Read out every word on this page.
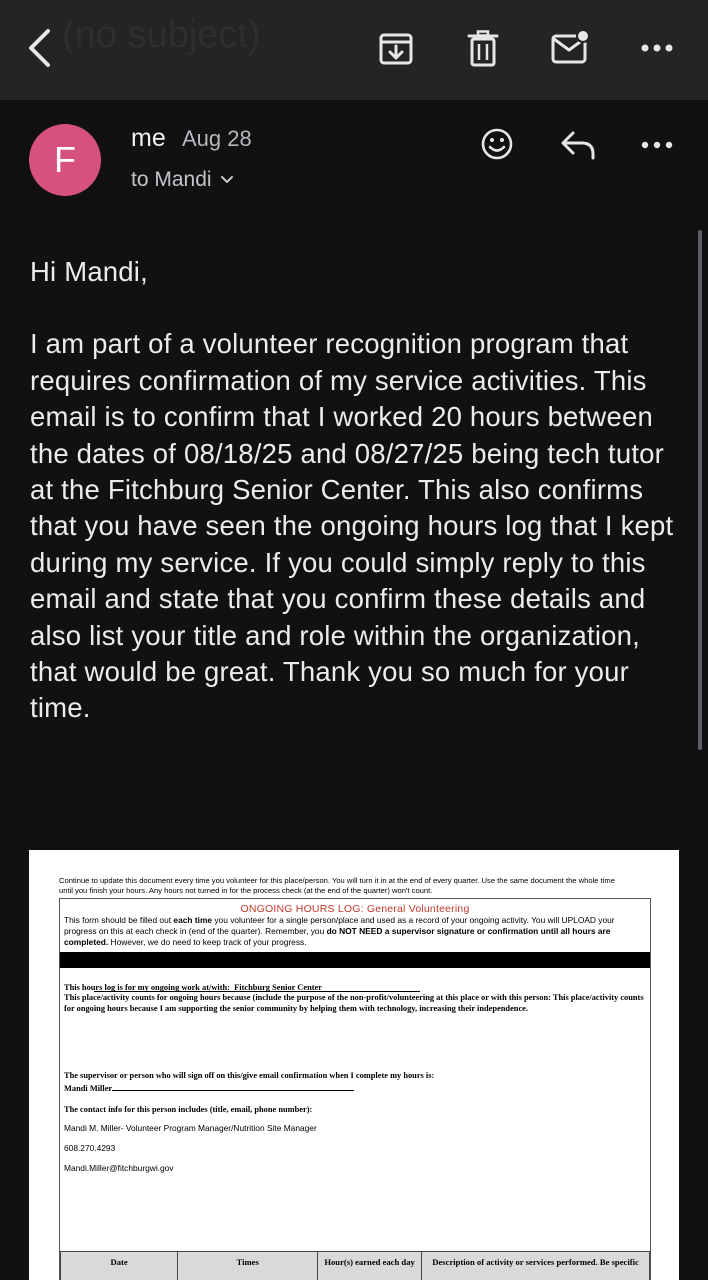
(no subject)
F
me Aug 28
to Mandi

Hi Mandi,

I am part of a volunteer recognition program that requires confirmation of my service activities. This email is to confirm that I worked 20 hours between the dates of 08/18/25 and 08/27/25 being tech tutor at the Fitchburg Senior Center. This also confirms that you have seen the ongoing hours log that I kept during my service. If you could simply reply to this email and state that you confirm these details and also list your title and role within the organization, that would be great. Thank you so much for your time.

Continue to update this document every time you volunteer for this place/person. You will turn it in at the end of every quarter. Use the same document the whole time until you finish your hours. Any hours not turned in for the process check (at the end of the quarter) won't count.
ONGOING HOURS LOG: General Volunteering
This form should be filled out each time you volunteer for a single person/place and used as a record of your ongoing activity. You will UPLOAD your progress on this at each check in (end of the quarter). Remember, you do NOT NEED a supervisor signature or confirmation until all hours are completed. However, we do need to keep track of your progress.
This hours log is for my ongoing work at/with: Fitchburg Senior Center
This place/activity counts for ongoing hours because (include the purpose of the non-profit/volunteering at this place or with this person: This place/activity counts for ongoing hours because I am supporting the senior community by helping them with technology, increasing their independence.
The supervisor or person who will sign off on this/give email confirmation when I complete my hours is:
Mandi Miller
The contact info for this person includes (title, email, phone number):
Mandi M. Miller- Volunteer Program Manager/Nutrition Site Manager
608.270.4293
Mandi.Miller@fitchburgwi.gov
Date	Times	Hour(s) earned each day	Description of activity or services performed. Be specific
